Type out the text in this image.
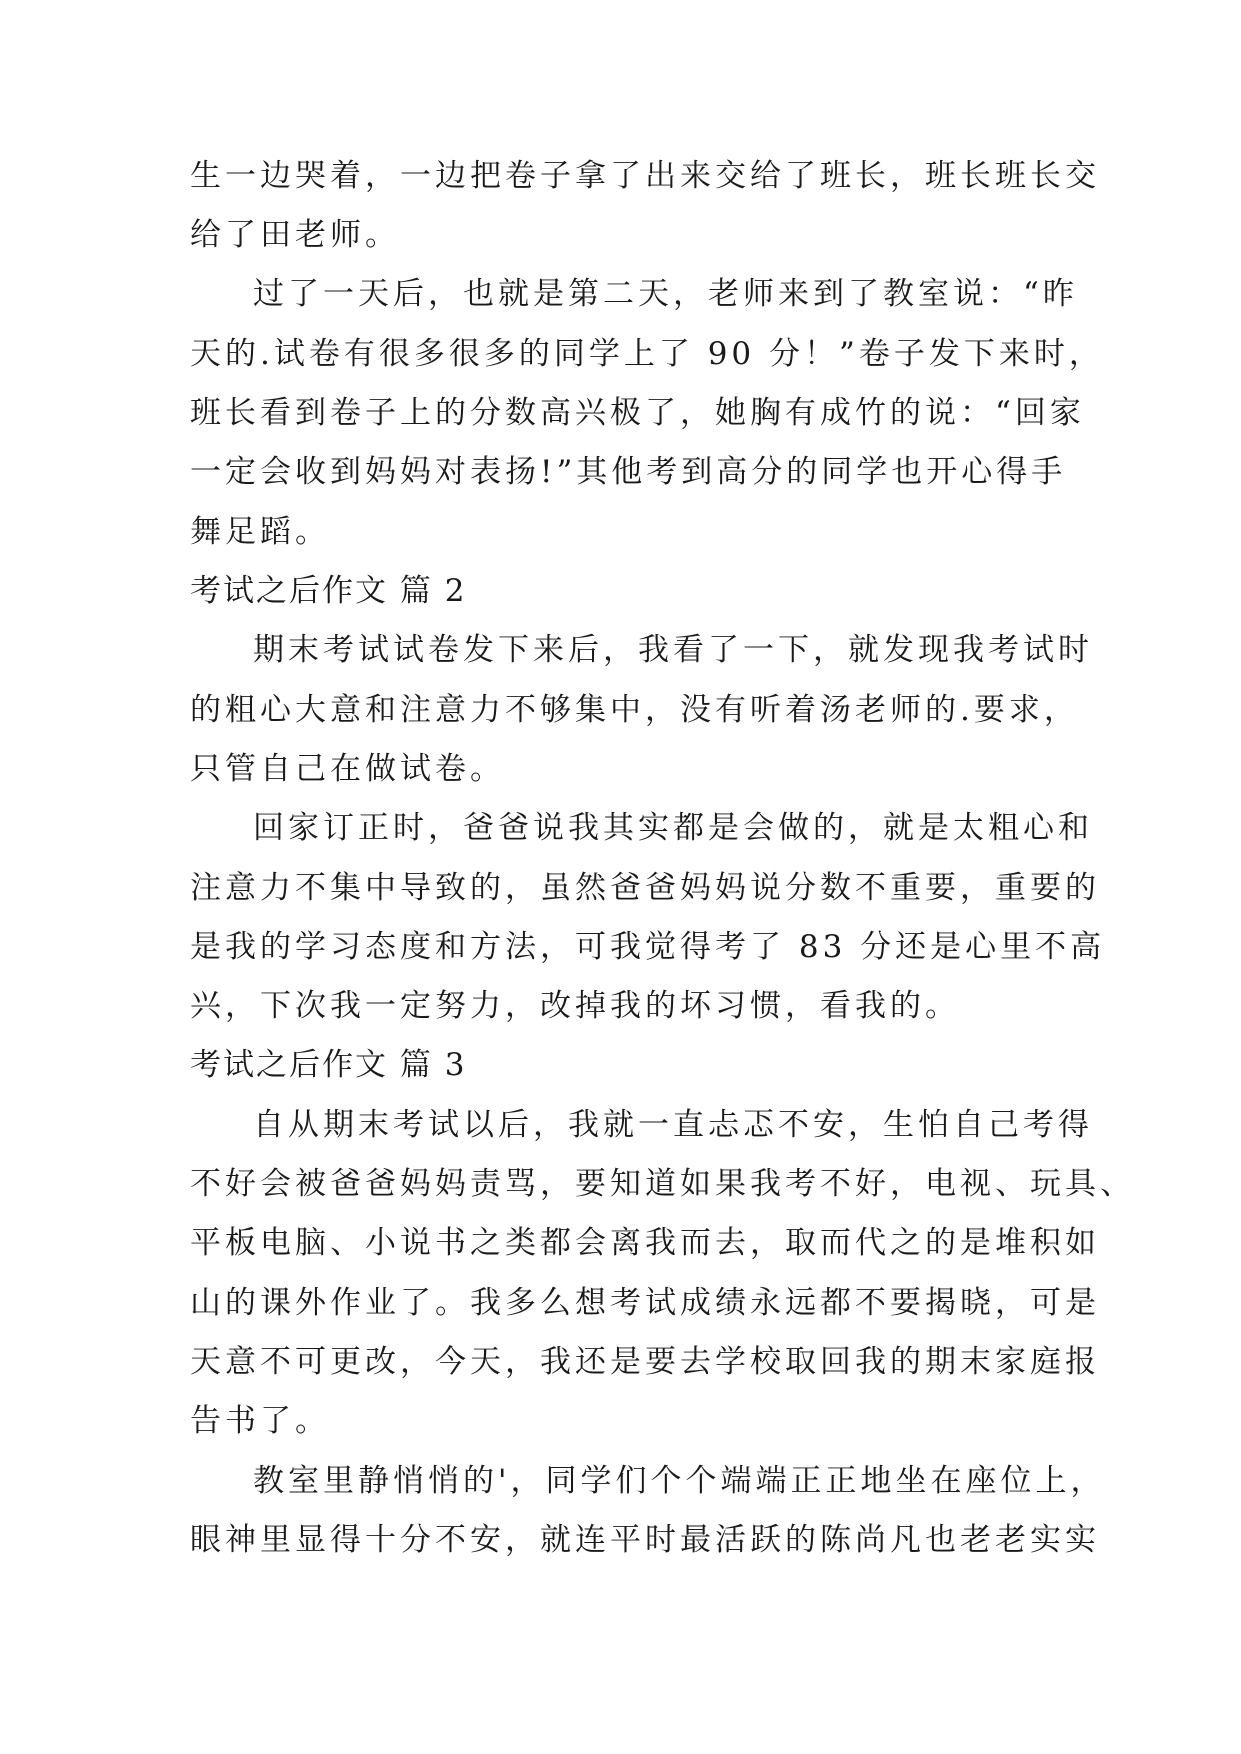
生一边哭着，一边把卷子拿了出来交给了班长，班长班长交

给了田老师。

过了一天后，也就是第二天，老师来到了教室说：“昨

天的.试卷有很多很多的同学上了 90 分！”卷子发下来时，

班长看到卷子上的分数高兴极了，她胸有成竹的说：“回家

一定会收到妈妈对表扬!”其他考到高分的同学也开心得手

舞足蹈。

考试之后作文 篇 2

期末考试试卷发下来后，我看了一下，就发现我考试时

的粗心大意和注意力不够集中，没有听着汤老师的.要求，

只管自己在做试卷。

回家订正时，爸爸说我其实都是会做的，就是太粗心和

注意力不集中导致的，虽然爸爸妈妈说分数不重要，重要的

是我的学习态度和方法，可我觉得考了 83 分还是心里不高

兴，下次我一定努力，改掉我的坏习惯，看我的。

考试之后作文 篇 3

自从期末考试以后，我就一直忐忑不安，生怕自己考得

不好会被爸爸妈妈责骂，要知道如果我考不好，电视、玩具、

平板电脑、小说书之类都会离我而去，取而代之的是堆积如

山的课外作业了。我多么想考试成绩永远都不要揭晓，可是

天意不可更改，今天，我还是要去学校取回我的期末家庭报

告书了。

教室里静悄悄的'，同学们个个端端正正地坐在座位上，

眼神里显得十分不安，就连平时最活跃的陈尚凡也老老实实
